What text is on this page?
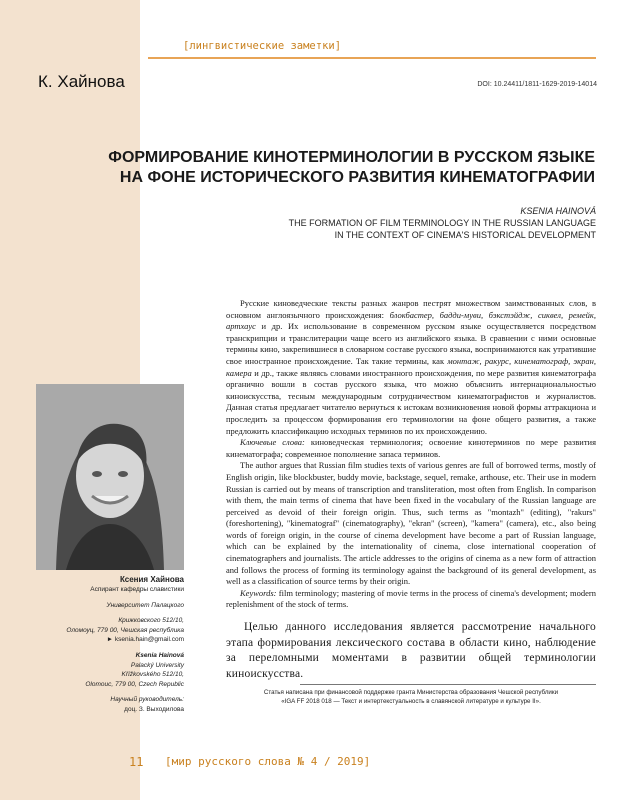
[лингвистические заметки]
К. Хайнова	DOI: 10.24411/1811-1629-2019-14014
ФОРМИРОВАНИЕ КИНОТЕРМИНОЛОГИИ В РУССКОМ ЯЗЫКЕ
НА ФОНЕ ИСТОРИЧЕСКОГО РАЗВИТИЯ КИНЕМАТОГРАФИИ
KSENIA HAINOVÁ
THE FORMATION OF FILM TERMINOLOGY IN THE RUSSIAN LANGUAGE
IN THE CONTEXT OF CINEMA'S HISTORICAL DEVELOPMENT

Русские киноведческие тексты разных жанров пестрят множеством заимствованных слов, в основном англоязычного происхождения: блокбастер, бадди-муви, бэкстэйдж, сиквел, ремейк, артхаус и др. Их использование в современном русском языке осуществляется посредством транскрипции и транслитерации чаще всего из английского языка. В сравнении с ними основные термины кино, закрепившиеся в словарном составе русского языка, воспринимаются как утратившие свое иностранное происхождение. Так такие термины, как монтаж, ракурс, кинематограф, экран, камера и др., также являясь словами иностранного происхождения, по мере развития кинематографа органично вошли в состав русского языка, что можно объяснить интернациональностью киноискусства, тесным международным сотрудничеством кинематографистов и журналистов. Данная статья предлагает читателю вернуться к истокам возникновения новой формы аттракциона и проследить за процессом формирования его терминологии на фоне общего развития, а также предложить классификацию исходных терминов по их происхождению.

Ключевые слова: киноведческая терминология; освоение кинотерминов по мере развития кинематографа; современное пополнение запаса терминов.

The author argues that Russian film studies texts of various genres are full of borrowed terms, mostly of English origin, like blockbuster, buddy movie, backstage, sequel, remake, arthouse, etc. Their use in modern Russian is carried out by means of transcription and transliteration, most often from English. In comparison with them, the main terms of cinema that have been fixed in the vocabulary of the Russian language are perceived as devoid of their foreign origin. Thus, such terms as "montazh" (editing), "rakurs" (foreshortening), "kinematograf" (cinematography), "ekran" (screen), "kamera" (camera), etc., also being words of foreign origin, in the course of cinema development have become a part of Russian language, which can be explained by the internationality of cinema, close international cooperation of cinematographers and journalists. The article addresses to the origins of cinema as a new form of attraction and follows the process of forming its terminology against the background of its general development, as well as a classification of source terms by their origin.

Keywords: film terminology; mastering of movie terms in the process of cinema's development; modern replenishment of the stock of terms.

Ксения Хайнова
Аспирант кафедры славистики
Университет Палацкого
Крижковского 512/10,
Оломоуц, 779 00, Чешская республика
► ksenia.hain@gmail.com
Ksenia Hainová
Palacký University
Křížkovského 512/10,
Olomouc, 779 00, Czech Republic
Научный руководитель:
доц. З. Выходилова

Целью данного исследования является рассмотрение начального этапа формирования лексического состава в области кино, наблюдение за переломными моментами в развитии общей терминологии киноискусства.

Статья написана при финансовой поддержке гранта Министерства образования Чешской республики
«IGA FF 2018 018 — Текст и интертекстуальность в славянской литературе и культуре II».
11 [мир русского слова № 4 / 2019]
